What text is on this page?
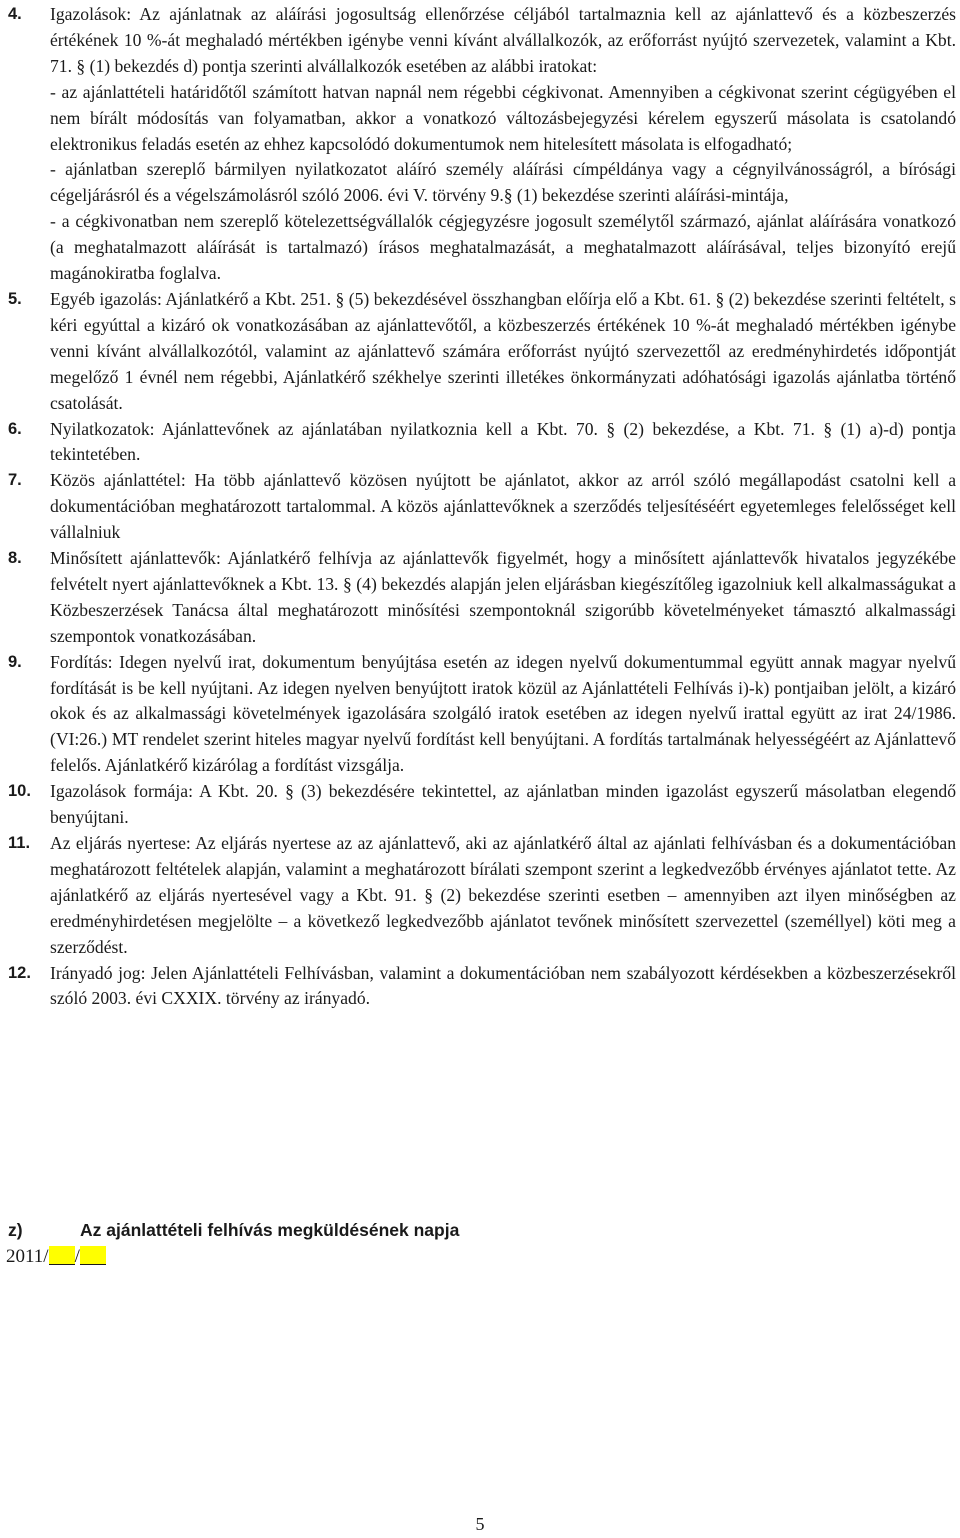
4. Igazolások: Az ajánlatnak az aláírási jogosultság ellenőrzése céljából tartalmaznia kell az ajánlattevő és a közbeszerzés értékének 10 %-át meghaladó mértékben igénybe venni kívánt alvállalkozók, az erőforrást nyújtó szervezetek, valamint a Kbt. 71. § (1) bekezdés d) pontja szerinti alvállalkozók esetében az alábbi iratokat:

- az ajánlattételi határidőtől számított hatvan napnál nem régebbi cégkivonat. Amennyiben a cégkivonat szerint cégügyében el nem bírált módosítás van folyamatban, akkor a vonatkozó változásbejegyzési kérelem egyszerű másolata is csatolandó elektronikus feladás esetén az ehhez kapcsolódó dokumentumok nem hitelesített másolata is elfogadható;

- ajánlatban szereplő bármilyen nyilatkozatot aláíró személy aláírási címpéldánya vagy a cégnyilvánosságról, a bírósági cégeljárásról és a végelszámolásról szóló 2006. évi V. törvény 9.§ (1) bekezdése szerinti aláírási-mintája,

- a cégkivonatban nem szereplő kötelezettségvállalók cégjegyzésre jogosult személytől származó, ajánlat aláírására vonatkozó (a meghatalmazott aláírását is tartalmazó) írásos meghatalmazását, a meghatalmazott aláírásával, teljes bizonyító erejű magánokiratba foglalva.

5. Egyéb igazolás: Ajánlatkérő a Kbt. 251. § (5) bekezdésével összhangban előírja elő a Kbt. 61. § (2) bekezdése szerinti feltételt, s kéri egyúttal a kizáró ok vonatkozásában az ajánlattevőtől, a közbeszerzés értékének 10 %-át meghaladó mértékben igénybe venni kívánt alvállalkozótól, valamint az ajánlattevő számára erőforrást nyújtó szervezettől az eredményhirdetés időpontját megelőző 1 évnél nem régebbi, Ajánlatkérő székhelye szerinti illetékes önkormányzati adóhatósági igazolás ajánlatba történő csatolását.

6. Nyilatkozatok: Ajánlattevőnek az ajánlatában nyilatkoznia kell a Kbt. 70. § (2) bekezdése, a Kbt. 71. § (1) a)-d) pontja tekintetében.

7. Közös ajánlattétel: Ha több ajánlattevő közösen nyújtott be ajánlatot, akkor az arról szóló megállapodást csatolni kell a dokumentációban meghatározott tartalommal. A közös ajánlattevőknek a szerződés teljesítéséért egyetemleges felelősséget kell vállalniuk

8. Minősített ajánlattevők: Ajánlatkérő felhívja az ajánlattevők figyelmét, hogy a minősített ajánlattevők hivatalos jegyzékébe felvételt nyert ajánlattevőknek a Kbt. 13. § (4) bekezdés alapján jelen eljárásban kiegészítőleg igazolniuk kell alkalmasságukat a Közbeszerzések Tanácsa által meghatározott minősítési szempontoknál szigorúbb követelményeket támasztó alkalmassági szempontok vonatkozásában.

9. Fordítás: Idegen nyelvű irat, dokumentum benyújtása esetén az idegen nyelvű dokumentummal együtt annak magyar nyelvű fordítását is be kell nyújtani. Az idegen nyelven benyújtott iratok közül az Ajánlattételi Felhívás i)-k) pontjaiban jelölt, a kizáró okok és az alkalmassági követelmények igazolására szolgáló iratok esetében az idegen nyelvű irattal együtt az irat 24/1986. (VI:26.) MT rendelet szerint hiteles magyar nyelvű fordítást kell benyújtani. A fordítás tartalmának helyességéért az Ajánlattevő felelős. Ajánlatkérő kizárólag a fordítást vizsgálja.

10. Igazolások formája: A Kbt. 20. § (3) bekezdésére tekintettel, az ajánlatban minden igazolást egyszerű másolatban elegendő benyújtani.

11. Az eljárás nyertese: Az eljárás nyertese az az ajánlattevő, aki az ajánlatkérő által az ajánlati felhívásban és a dokumentációban meghatározott feltételek alapján, valamint a meghatározott bírálati szempont szerint a legkedvezőbb érvényes ajánlatot tette. Az ajánlatkérő az eljárás nyertesével vagy a Kbt. 91. § (2) bekezdése szerinti esetben – amennyiben azt ilyen minőségben az eredményhirdetésen megjelölte – a következő legkedvezőbb ajánlatot tevőnek minősített szervezettel (személlyel) köti meg a szerződést.

12. Irányadó jog: Jelen Ajánlattételi Felhívásban, valamint a dokumentációban nem szabályozott kérdésekben a közbeszerzésekről szóló 2003. évi CXXIX. törvény az irányadó.

z)	Az ajánlattételi felhívás megküldésének napja
2011/ /
5
